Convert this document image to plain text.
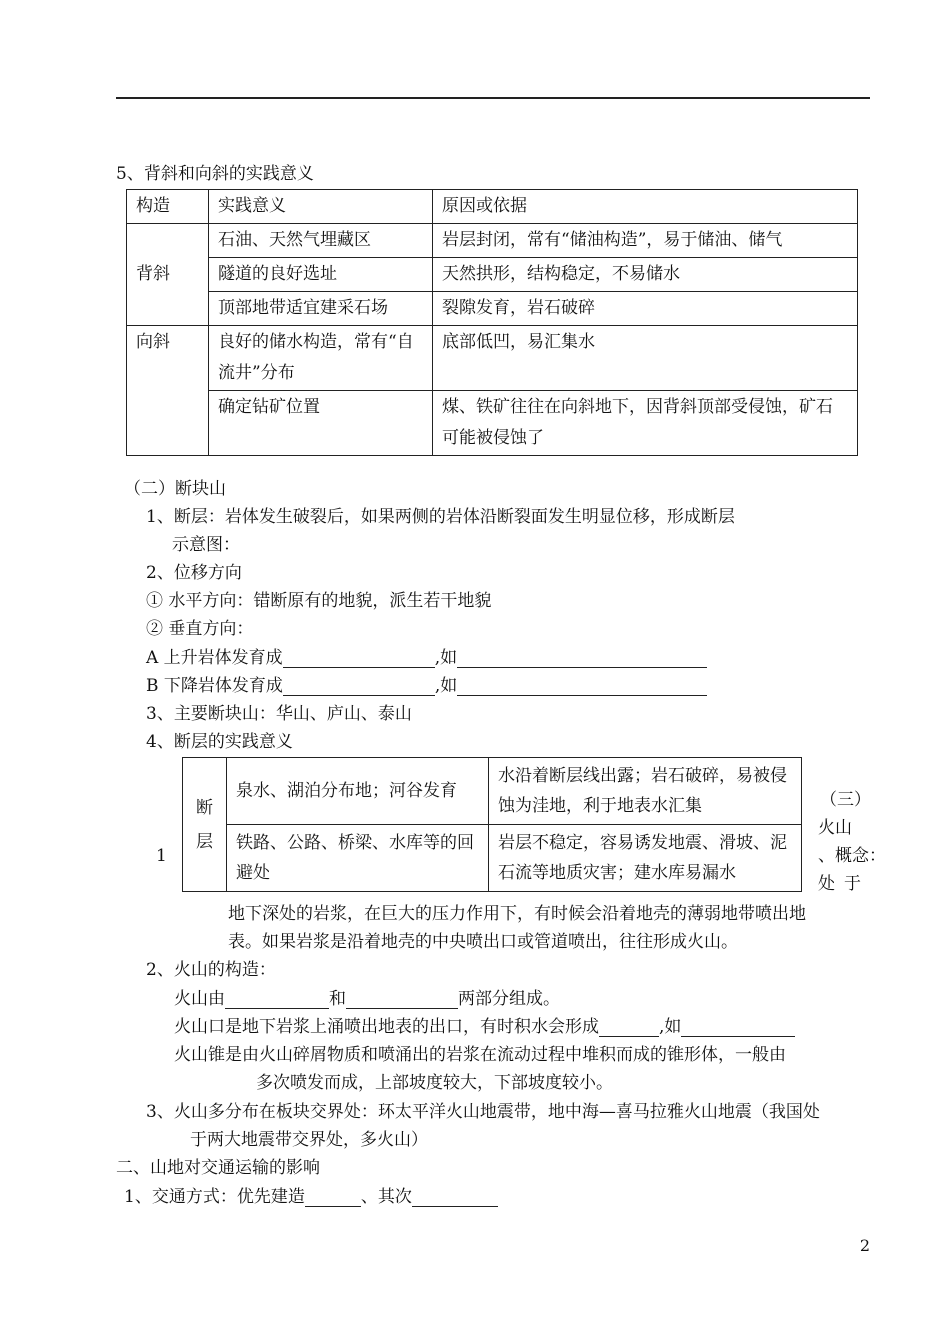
5、背斜和向斜的实践意义
构造	实践意义	原因或依据
背斜	石油、天然气埋藏区	岩层封闭，常有“储油构造”，易于储油、储气
	隧道的良好选址	天然拱形，结构稳定，不易储水
	顶部地带适宜建采石场	裂隙发育，岩石破碎
向斜	良好的储水构造，常有“自流井”分布	底部低凹，易汇集水
	确定钻矿位置	煤、铁矿往往在向斜地下，因背斜顶部受侵蚀，矿石可能被侵蚀了
（二）断块山
1、断层：岩体发生破裂后，如果两侧的岩体沿断裂面发生明显位移，形成断层
示意图：
2、位移方向
① 水平方向：错断原有的地貌，派生若干地貌
② 垂直方向：
A 上升岩体发育成	,如
B 下降岩体发育成	,如
3、主要断块山：华山、庐山、泰山
4、断层的实践意义
1
断
层	泉水、湖泊分布地；河谷发育	水沿着断层线出露；岩石破碎，易被侵蚀为洼地，利于地表水汇集
	铁路、公路、桥梁、水库等的回避处	岩层不稳定，容易诱发地震、滑坡、泥石流等地质灾害；建水库易漏水
（三）
火山
、概念：
处于
地下深处的岩浆，在巨大的压力作用下，有时候会沿着地壳的薄弱地带喷出地
表。如果岩浆是沿着地壳的中央喷出口或管道喷出，往往形成火山。
2、火山的构造：
火山由	和	两部分组成。
火山口是地下岩浆上涌喷出地表的出口，有时积水会形成	,如
火山锥是由火山碎屑物质和喷涌出的岩浆在流动过程中堆积而成的锥形体，一般由
多次喷发而成，上部坡度较大，下部坡度较小。
3、火山多分布在板块交界处：环太平洋火山地震带，地中海—喜马拉雅火山地震（我国处
于两大地震带交界处，多火山）
二、山地对交通运输的影响
1、交通方式：优先建造	、其次
2
